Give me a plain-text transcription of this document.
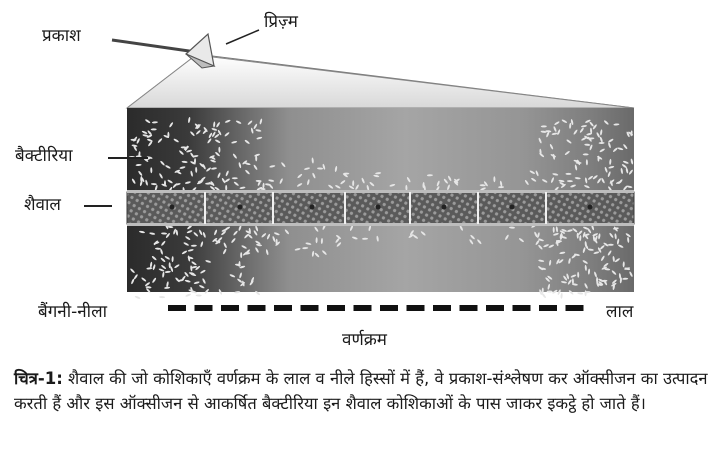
प्रकाश
प्रिज़्म
बैक्टीरिया
शैवाल
बैंगनी-नीला	लाल
वर्णक्रम
चित्र-1: शैवाल की जो कोशिकाएँ वर्णक्रम के लाल व नीले हिस्सों में हैं, वे प्रकाश-संश्लेषण कर ऑक्सीजन का उत्पादन करती हैं और इस ऑक्सीजन से आकर्षित बैक्टीरिया इन शैवाल कोशिकाओं के पास जाकर इकट्ठे हो जाते हैं।
